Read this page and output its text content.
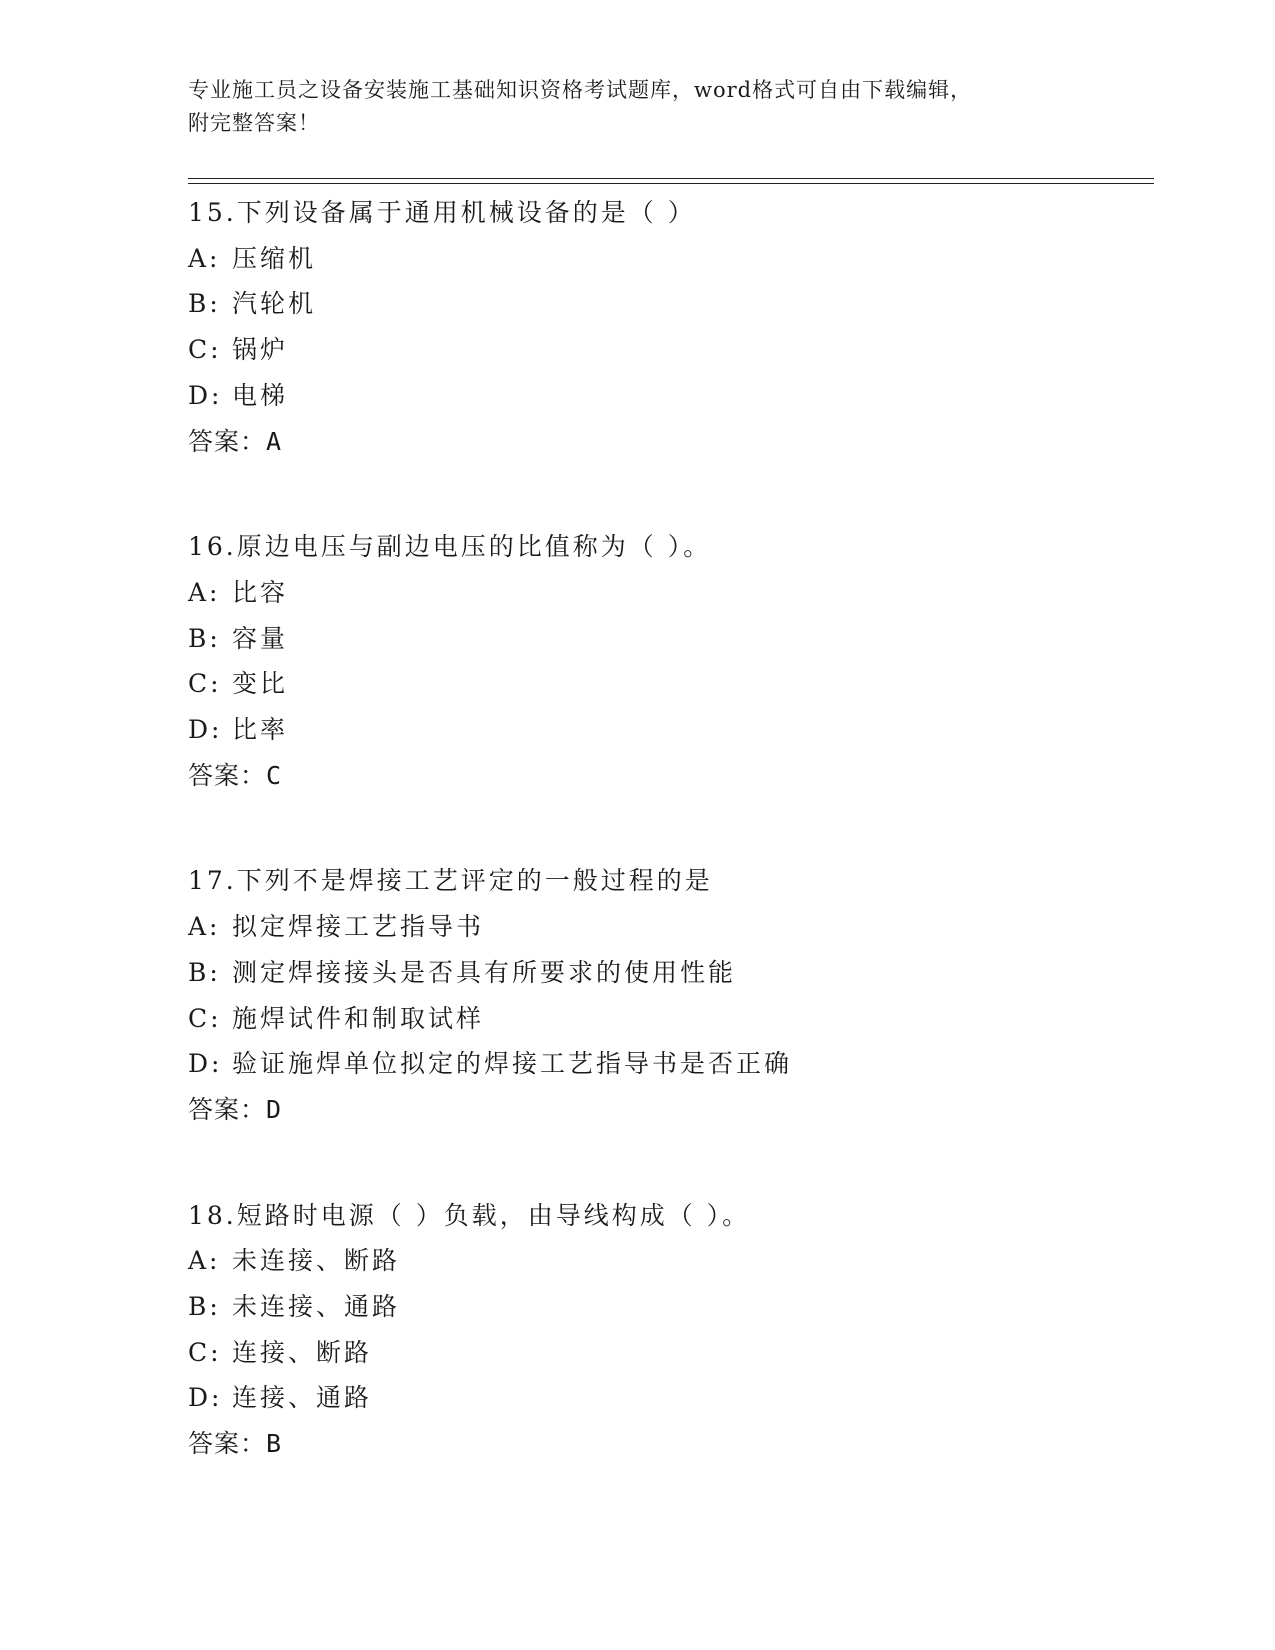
专业施工员之设备安装施工基础知识资格考试题库，word格式可自由下载编辑，
附完整答案！
15.下列设备属于通用机械设备的是（ ）
A: 压缩机
B: 汽轮机
C: 锅炉
D: 电梯
答案：A
16.原边电压与副边电压的比值称为（ ）。
A: 比容
B: 容量
C: 变比
D: 比率
答案：C
17.下列不是焊接工艺评定的一般过程的是
A: 拟定焊接工艺指导书
B: 测定焊接接头是否具有所要求的使用性能
C: 施焊试件和制取试样
D: 验证施焊单位拟定的焊接工艺指导书是否正确
答案：D
18.短路时电源（ ）负载，由导线构成（ ）。
A: 未连接、断路
B: 未连接、通路
C: 连接、断路
D: 连接、通路
答案：B
